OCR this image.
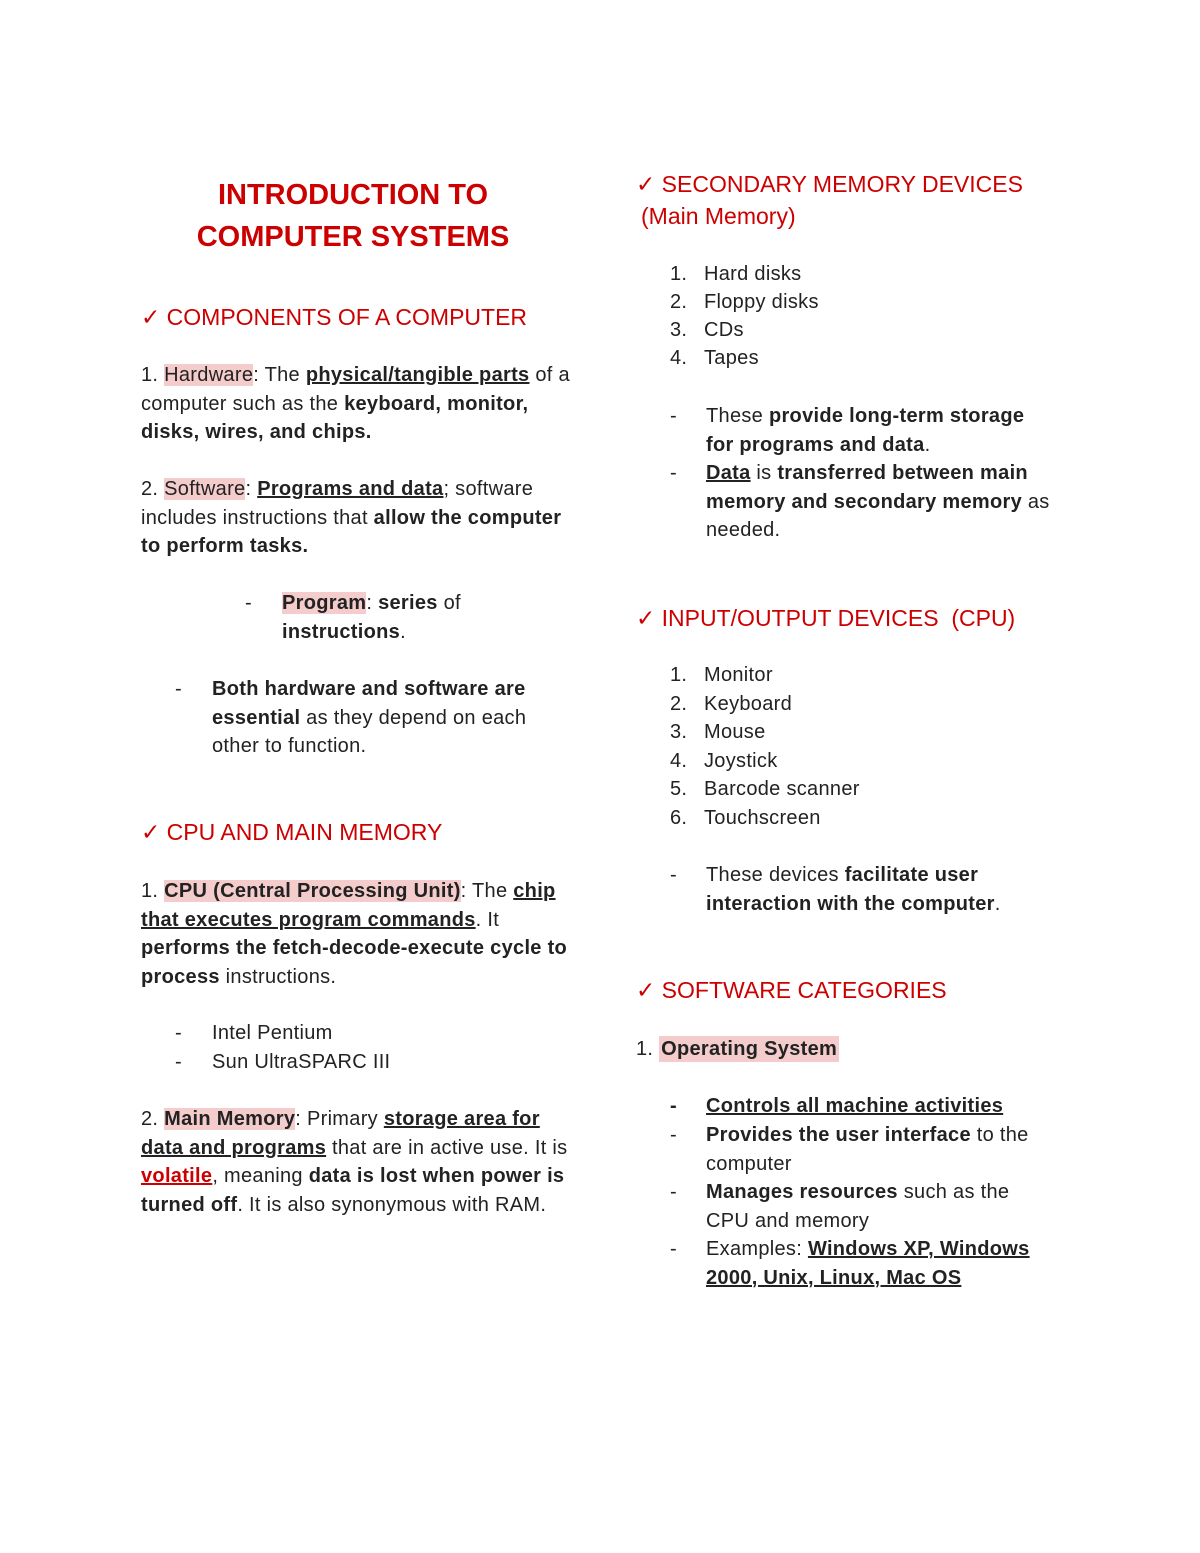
INTRODUCTION TO
COMPUTER SYSTEMS
✓ COMPONENTS OF A COMPUTER

1. Hardware: The physical/tangible parts of a computer such as the keyboard, monitor, disks, wires, and chips.

2. Software: Programs and data; software includes instructions that allow the computer to perform tasks.

-	Program: series of instructions.
-	Both hardware and software are essential as they depend on each other to function.
✓ CPU AND MAIN MEMORY

1. CPU (Central Processing Unit): The chip that executes program commands. It performs the fetch-decode-execute cycle to process instructions.

-	Intel Pentium
-	Sun UltraSPARC III

2. Main Memory: Primary storage area for data and programs that are in active use. It is volatile, meaning data is lost when power is turned off. It is also synonymous with RAM.

✓ SECONDARY MEMORY DEVICES
(Main Memory)
1. Hard disks
2. Floppy disks
3. CDs
4. Tapes
-	These provide long-term storage for programs and data.
-	Data is transferred between main memory and secondary memory as needed.
✓ INPUT/OUTPUT DEVICES  (CPU)
1. Monitor
2. Keyboard
3. Mouse
4. Joystick
5. Barcode scanner
6. Touchscreen
-	These devices facilitate user interaction with the computer.
✓ SOFTWARE CATEGORIES

1. Operating System

-	Controls all machine activities
-	Provides the user interface to the computer
-	Manages resources such as the CPU and memory
-	Examples: Windows XP, Windows 2000, Unix, Linux, Mac OS
